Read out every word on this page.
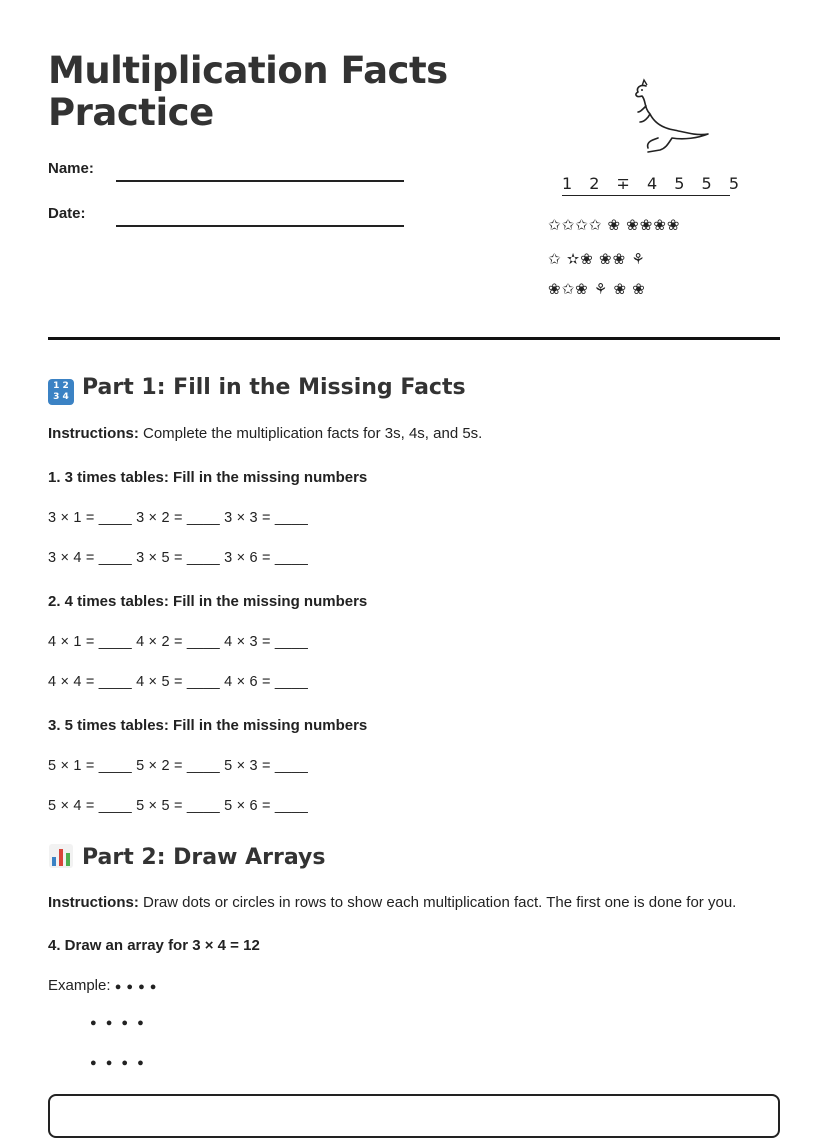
Multiplication Facts
Practice
Name:
Date:
1 2 ∓ 4 5 5 5
✩✩✩✩ ❀ ❀❀❀❀
✩ ✫❀ ❀❀ ⚘
❀✩❀ ⚘ ❀ ❀
1 2
3 4 Part 1: Fill in the Missing Facts
Instructions: Complete the multiplication facts for 3s, 4s, and 5s.
1. 3 times tables: Fill in the missing numbers
3 × 1 = ____ 3 × 2 = ____ 3 × 3 = ____
3 × 4 = ____ 3 × 5 = ____ 3 × 6 = ____
2. 4 times tables: Fill in the missing numbers
4 × 1 = ____ 4 × 2 = ____ 4 × 3 = ____
4 × 4 = ____ 4 × 5 = ____ 4 × 6 = ____
3. 5 times tables: Fill in the missing numbers
5 × 1 = ____ 5 × 2 = ____ 5 × 3 = ____
5 × 4 = ____ 5 × 5 = ____ 5 × 6 = ____
Part 2: Draw Arrays
Instructions: Draw dots or circles in rows to show each multiplication fact. The first one is done for you.
4. Draw an array for 3 × 4 = 12
Example: ● ● ● ●
● ● ● ●
● ● ● ●
